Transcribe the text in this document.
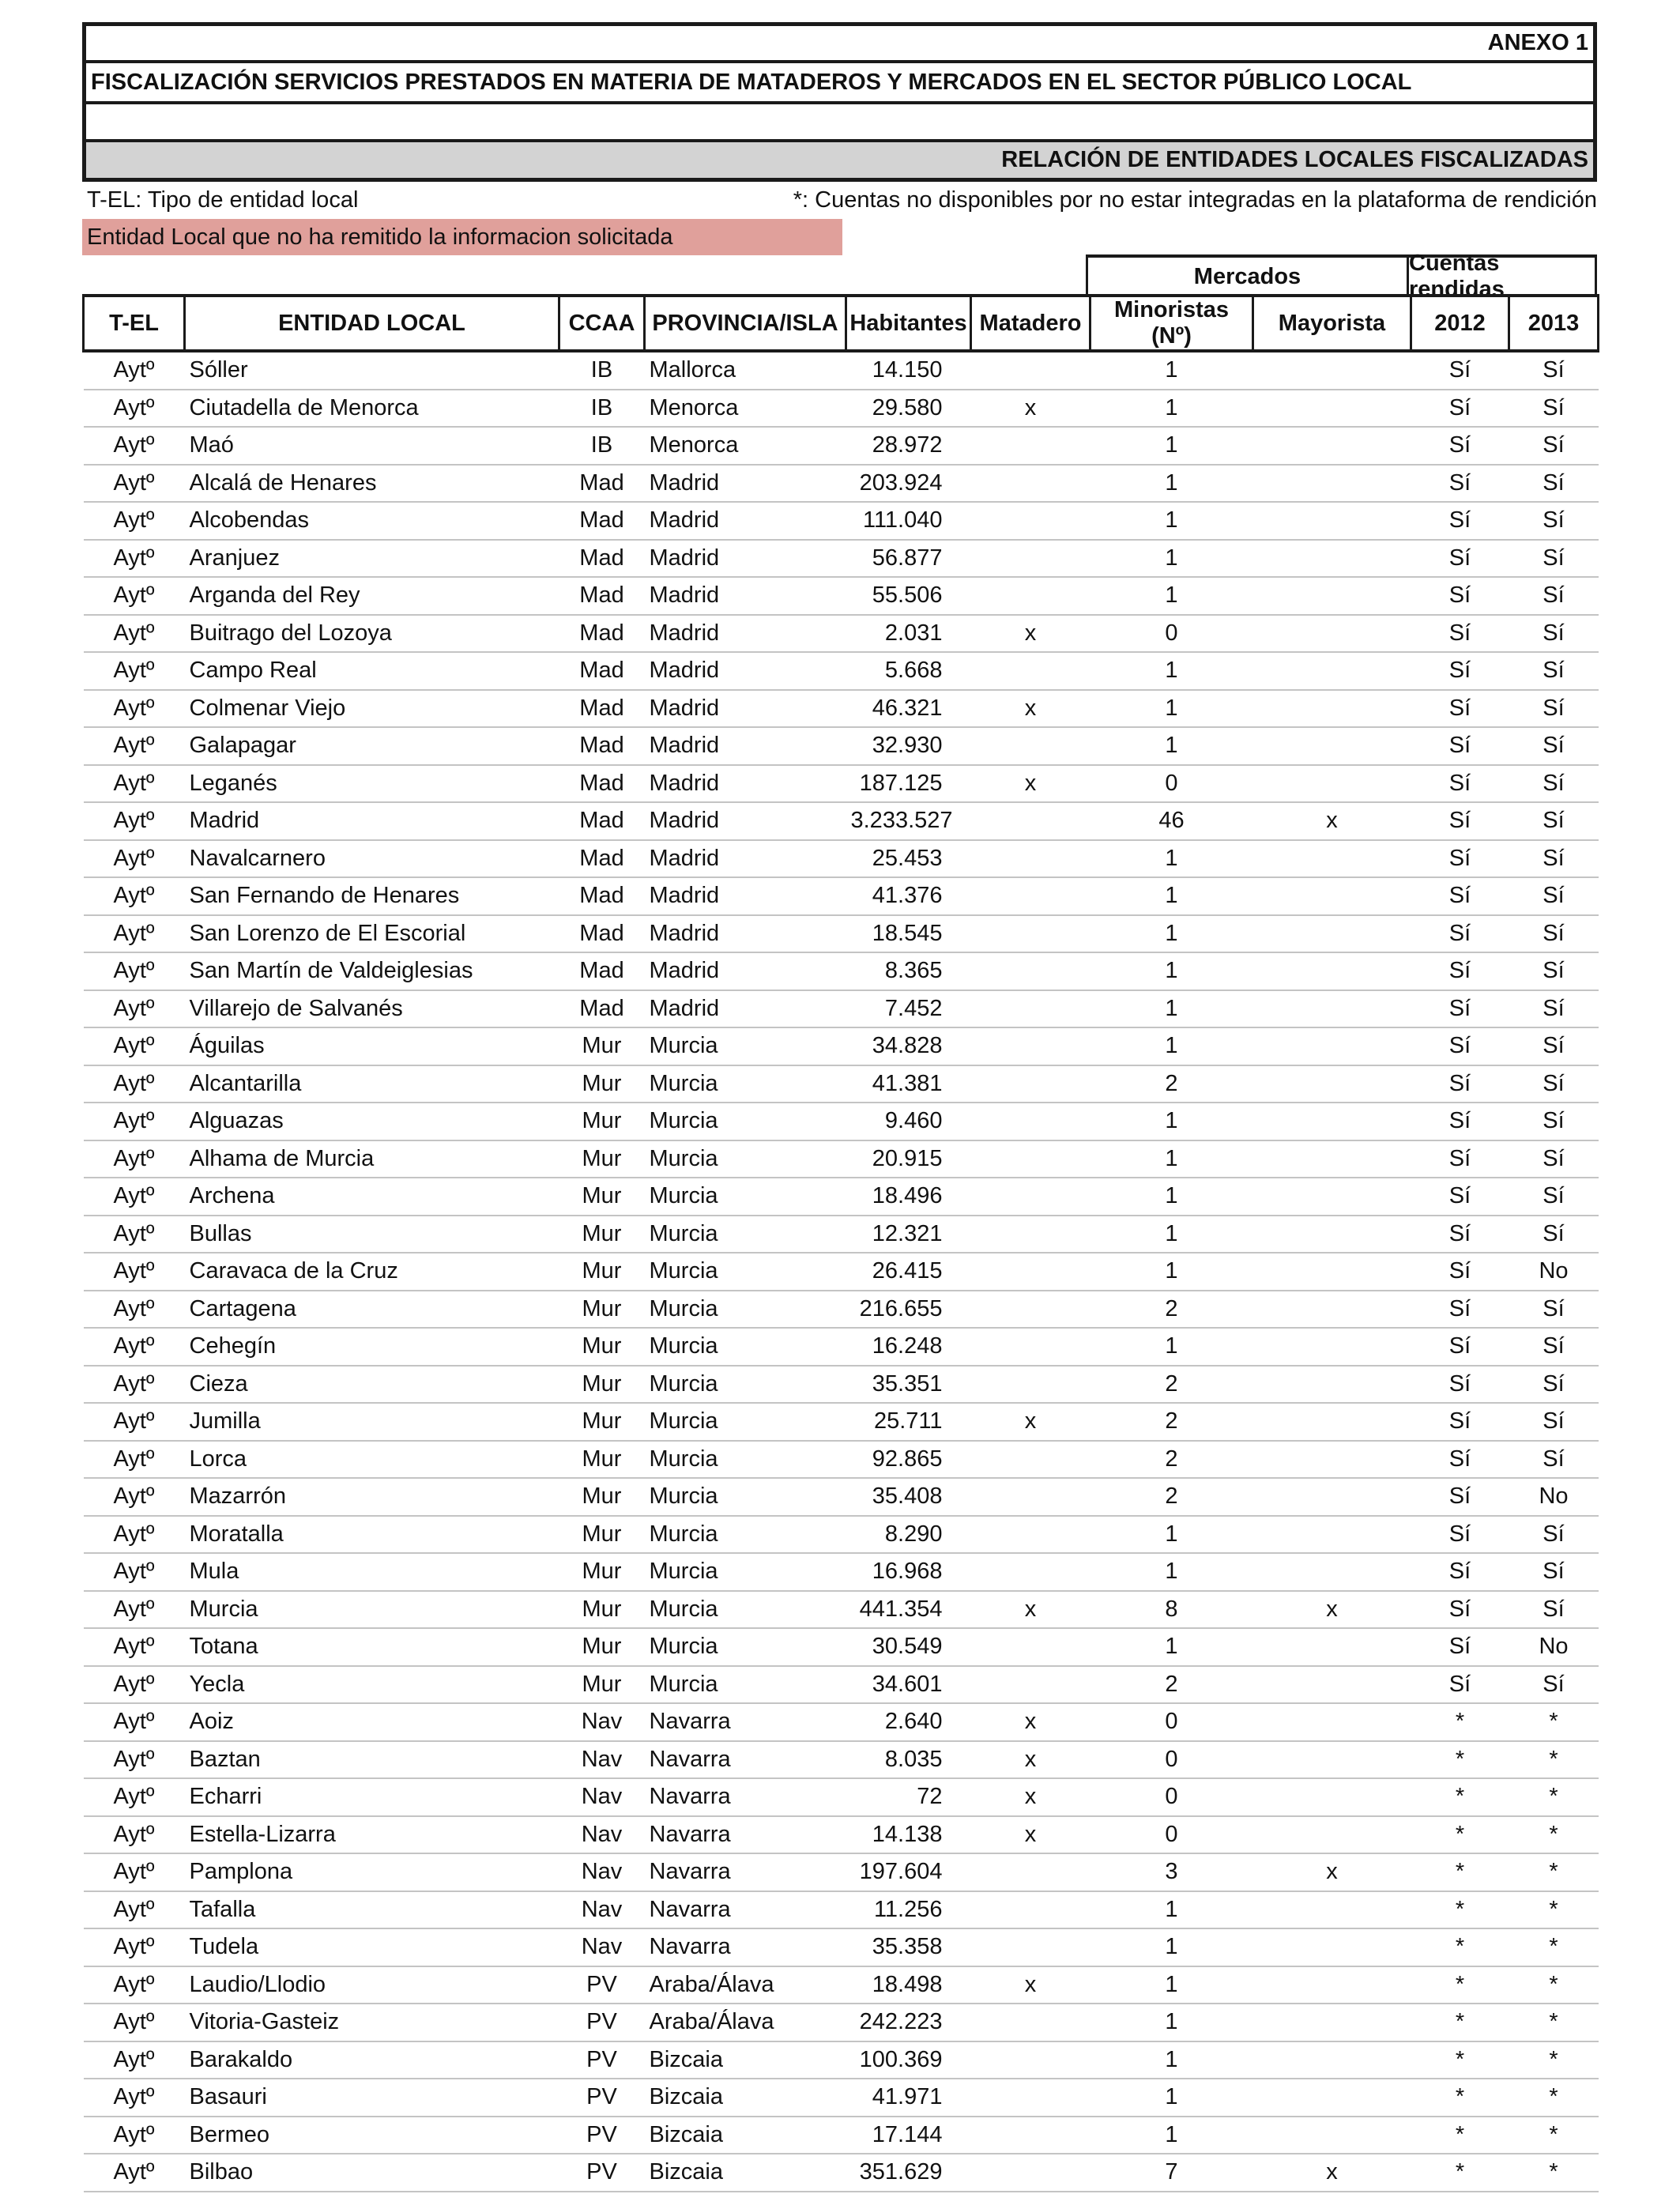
ANEXO 1
FISCALIZACIÓN SERVICIOS PRESTADOS EN MATERIA DE MATADEROS Y MERCADOS EN EL SECTOR PÚBLICO LOCAL
RELACIÓN DE ENTIDADES LOCALES FISCALIZADAS
T-EL: Tipo de entidad local	*: Cuentas no disponibles por no estar integradas en la plataforma de rendición
Entidad Local que no ha remitido la informacion solicitada
Mercados
Cuentas rendidas
T-EL	ENTIDAD LOCAL	CCAA	PROVINCIA/ISLA	Habitantes	Matadero	Minoristas (Nº)	Mayorista	2012	2013
Aytº	Sóller	IB	Mallorca	14.150		1		Sí	Sí
Aytº	Ciutadella de Menorca	IB	Menorca	29.580	x	1		Sí	Sí
Aytº	Maó	IB	Menorca	28.972		1		Sí	Sí
Aytº	Alcalá de Henares	Mad	Madrid	203.924		1		Sí	Sí
Aytº	Alcobendas	Mad	Madrid	111.040		1		Sí	Sí
Aytº	Aranjuez	Mad	Madrid	56.877		1		Sí	Sí
Aytº	Arganda del Rey	Mad	Madrid	55.506		1		Sí	Sí
Aytº	Buitrago del Lozoya	Mad	Madrid	2.031	x	0		Sí	Sí
Aytº	Campo Real	Mad	Madrid	5.668		1		Sí	Sí
Aytº	Colmenar Viejo	Mad	Madrid	46.321	x	1		Sí	Sí
Aytº	Galapagar	Mad	Madrid	32.930		1		Sí	Sí
Aytº	Leganés	Mad	Madrid	187.125	x	0		Sí	Sí
Aytº	Madrid	Mad	Madrid	3.233.527		46	x	Sí	Sí
Aytº	Navalcarnero	Mad	Madrid	25.453		1		Sí	Sí
Aytº	San Fernando de Henares	Mad	Madrid	41.376		1		Sí	Sí
Aytº	San Lorenzo de El Escorial	Mad	Madrid	18.545		1		Sí	Sí
Aytº	San Martín de Valdeiglesias	Mad	Madrid	8.365		1		Sí	Sí
Aytº	Villarejo de Salvanés	Mad	Madrid	7.452		1		Sí	Sí
Aytº	Águilas	Mur	Murcia	34.828		1		Sí	Sí
Aytº	Alcantarilla	Mur	Murcia	41.381		2		Sí	Sí
Aytº	Alguazas	Mur	Murcia	9.460		1		Sí	Sí
Aytº	Alhama de Murcia	Mur	Murcia	20.915		1		Sí	Sí
Aytº	Archena	Mur	Murcia	18.496		1		Sí	Sí
Aytº	Bullas	Mur	Murcia	12.321		1		Sí	Sí
Aytº	Caravaca de la Cruz	Mur	Murcia	26.415		1		Sí	No
Aytº	Cartagena	Mur	Murcia	216.655		2		Sí	Sí
Aytº	Cehegín	Mur	Murcia	16.248		1		Sí	Sí
Aytº	Cieza	Mur	Murcia	35.351		2		Sí	Sí
Aytº	Jumilla	Mur	Murcia	25.711	x	2		Sí	Sí
Aytº	Lorca	Mur	Murcia	92.865		2		Sí	Sí
Aytº	Mazarrón	Mur	Murcia	35.408		2		Sí	No
Aytº	Moratalla	Mur	Murcia	8.290		1		Sí	Sí
Aytº	Mula	Mur	Murcia	16.968		1		Sí	Sí
Aytº	Murcia	Mur	Murcia	441.354	x	8	x	Sí	Sí
Aytº	Totana	Mur	Murcia	30.549		1		Sí	No
Aytº	Yecla	Mur	Murcia	34.601		2		Sí	Sí
Aytº	Aoiz	Nav	Navarra	2.640	x	0		*	*
Aytº	Baztan	Nav	Navarra	8.035	x	0		*	*
Aytº	Echarri	Nav	Navarra	72	x	0		*	*
Aytº	Estella-Lizarra	Nav	Navarra	14.138	x	0		*	*
Aytº	Pamplona	Nav	Navarra	197.604		3	x	*	*
Aytº	Tafalla	Nav	Navarra	11.256		1		*	*
Aytº	Tudela	Nav	Navarra	35.358		1		*	*
Aytº	Laudio/Llodio	PV	Araba/Álava	18.498	x	1		*	*
Aytº	Vitoria-Gasteiz	PV	Araba/Álava	242.223		1		*	*
Aytº	Barakaldo	PV	Bizcaia	100.369		1		*	*
Aytº	Basauri	PV	Bizcaia	41.971		1		*	*
Aytº	Bermeo	PV	Bizcaia	17.144		1		*	*
Aytº	Bilbao	PV	Bizcaia	351.629		7	x	*	*
